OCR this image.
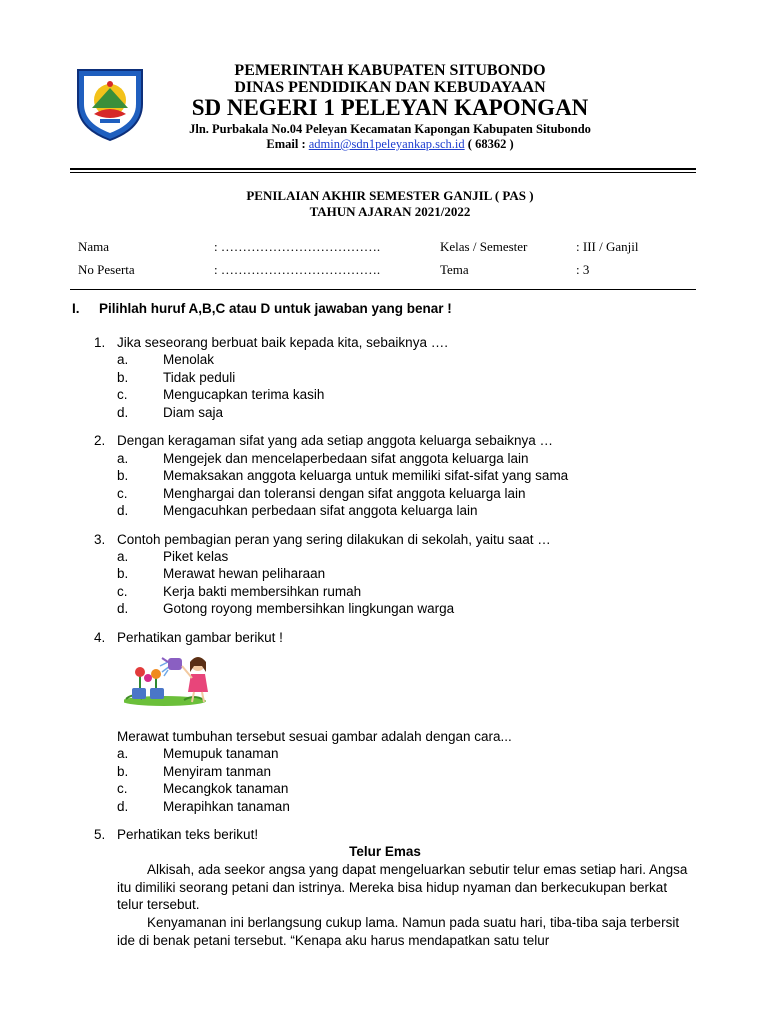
PEMERINTAH KABUPATEN SITUBONDO
DINAS PENDIDIKAN DAN KEBUDAYAAN
SD NEGERI 1 PELEYAN KAPONGAN
Jln. Purbakala No.04 Peleyan Kecamatan Kapongan Kabupaten Situbondo
Email : admin@sdn1peleyankap.sch.id ( 68362 )
PENILAIAN AKHIR SEMESTER GANJIL ( PAS )
TAHUN AJARAN 2021/2022
Nama	: ……………………………….	Kelas / Semester	: III / Ganjil
No Peserta	: ……………………………….	Tema	: 3
I. Pilihlah huruf A,B,C atau D untuk jawaban yang benar !
1. Jika seseorang berbuat baik kepada kita, sebaiknya ….
a.	Menolak
b.	Tidak peduli
c.	Mengucapkan terima kasih
d.	Diam saja
2. Dengan keragaman sifat yang ada setiap anggota keluarga sebaiknya …
a.	Mengejek dan mencelaperbedaan sifat anggota keluarga lain
b.	Memaksakan anggota keluarga untuk memiliki sifat-sifat yang sama
c.	Menghargai dan toleransi dengan sifat anggota keluarga lain
d.	Mengacuhkan perbedaan sifat anggota keluarga lain
3. Contoh pembagian peran yang sering dilakukan di sekolah, yaitu saat …
a.	Piket kelas
b.	Merawat hewan peliharaan
c.	Kerja bakti membersihkan rumah
d.	Gotong royong membersihkan lingkungan warga
4. Perhatikan gambar berikut !
Merawat tumbuhan tersebut sesuai gambar adalah dengan cara...
a.	Memupuk tanaman
b.	Menyiram tanman
c.	Mecangkok tanaman
d.	Merapihkan tanaman
5. Perhatikan teks berikut!
Telur Emas
Alkisah, ada seekor angsa yang dapat mengeluarkan sebutir telur emas setiap hari. Angsa itu dimiliki seorang petani dan istrinya. Mereka bisa hidup nyaman dan berkecukupan berkat telur tersebut.
Kenyamanan ini berlangsung cukup lama. Namun pada suatu hari, tiba-tiba saja terbersit ide di benak petani tersebut. “Kenapa aku harus mendapatkan satu telur
